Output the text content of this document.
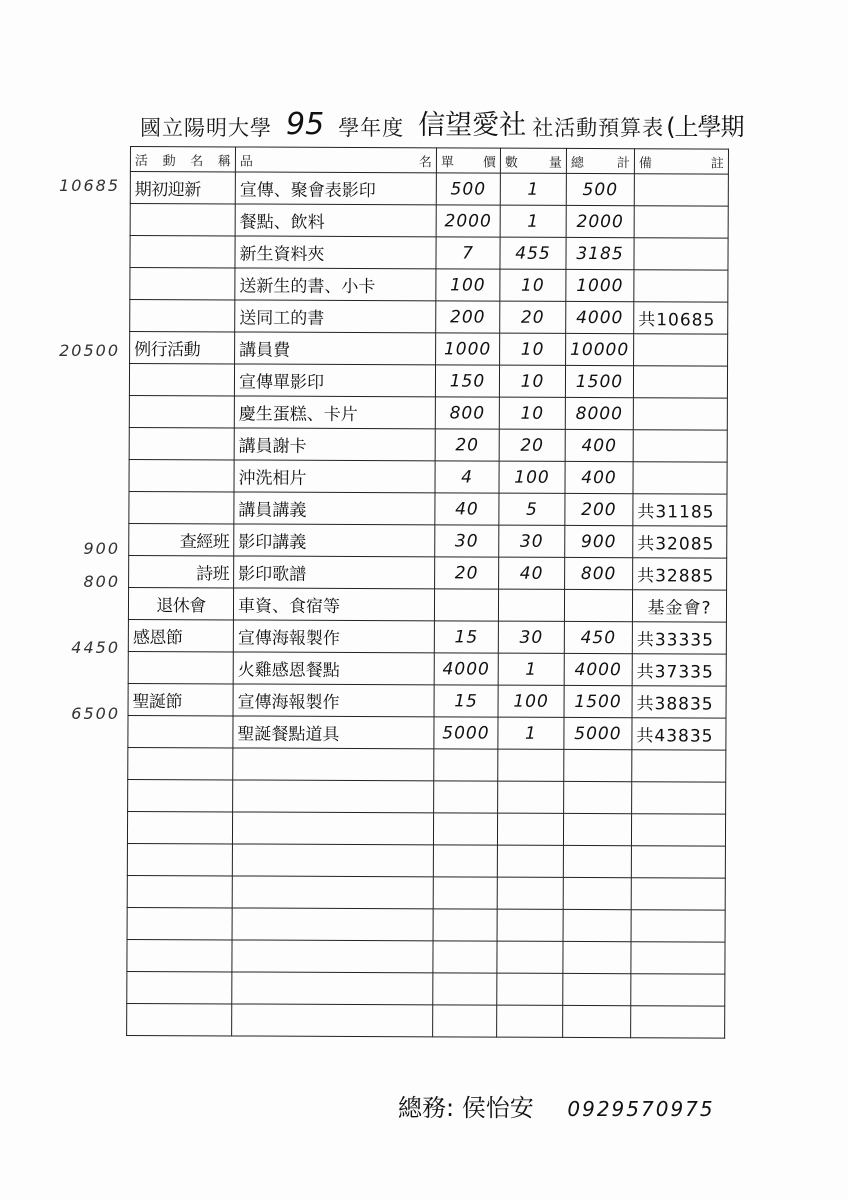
國立陽明大學 95 學年度 信望愛社 社活動預算表 (上學期
10685
20500
900
800
4450
6500
活 動 名 稱	品 名	單 價	數 量	總 計	備 註

期初迎新	宣傳、聚會表影印	500	1	500	
	餐點、飲料	2000	1	2000	
	新生資料夾	7	455	3185	
	送新生的書、小卡	100	10	1000	
	送同工的書	200	20	4000	共10685
例行活動	講員費	1000	10	10000	
	宣傳單影印	150	10	1500	
	慶生蛋糕、卡片	800	10	8000	
	講員謝卡	20	20	400	
	沖洗相片	4	100	400	
	講員講義	40	5	200	共31185
查經班	影印講義	30	30	900	共32085
詩班	影印歌譜	20	40	800	共32885
退休會	車資、食宿等				基金會?
感恩節	宣傳海報製作	15	30	450	共33335
	火雞感恩餐點	4000	1	4000	共37335
聖誕節	宣傳海報製作	15	100	1500	共38835
	聖誕餐點道具	5000	1	5000	共43835

總務: 侯怡安 0929570975
